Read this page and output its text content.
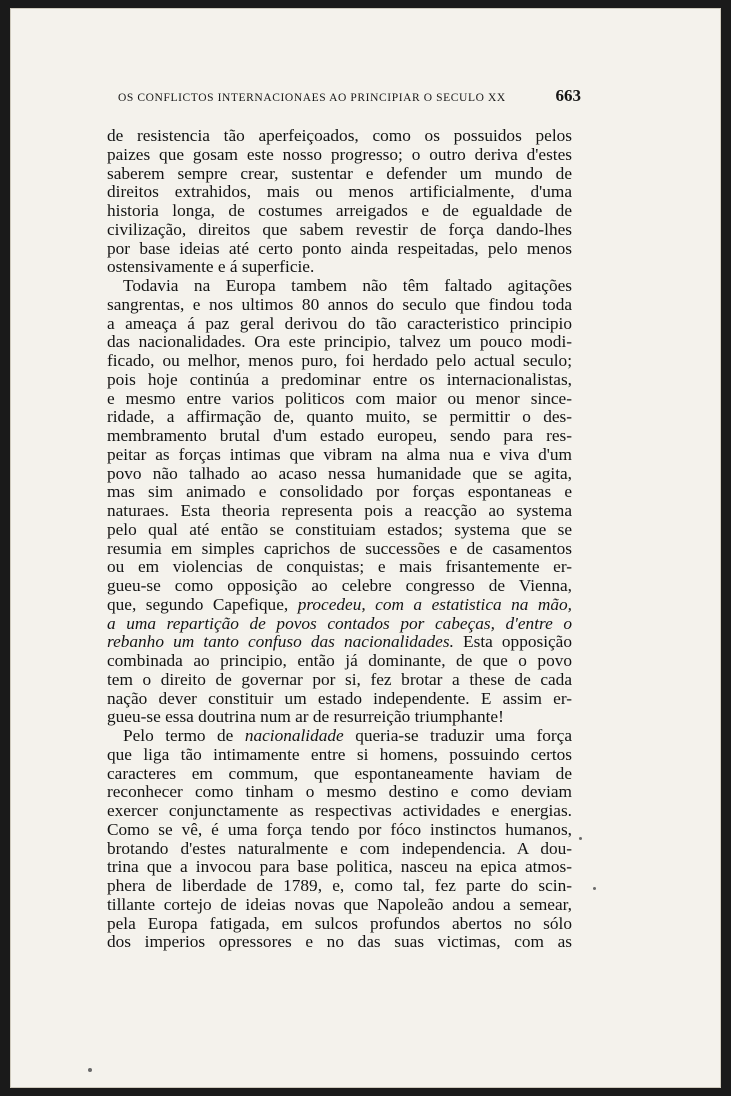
OS CONFLICTOS INTERNACIONAES AO PRINCIPIAR O SECULO XX	663
de resistencia tão aperfeiçoados, como os possuidos pelos
paizes que gosam este nosso progresso; o outro deriva d'estes
saberem sempre crear, sustentar e defender um mundo de
direitos extrahidos, mais ou menos artificialmente, d'uma
historia longa, de costumes arreigados e de egualdade de
civilização, direitos que sabem revestir de força dando-lhes
por base ideias até certo ponto ainda respeitadas, pelo menos
ostensivamente e á superficie.
Todavia na Europa tambem não têm faltado agitações
sangrentas, e nos ultimos 80 annos do seculo que findou toda
a ameaça á paz geral derivou do tão caracteristico principio
das nacionalidades. Ora este principio, talvez um pouco modi-
ficado, ou melhor, menos puro, foi herdado pelo actual seculo;
pois hoje continúa a predominar entre os internacionalistas,
e mesmo entre varios politicos com maior ou menor since-
ridade, a affirmação de, quanto muito, se permittir o des-
membramento brutal d'um estado europeu, sendo para res-
peitar as forças intimas que vibram na alma nua e viva d'um
povo não talhado ao acaso nessa humanidade que se agita,
mas sim animado e consolidado por forças espontaneas e
naturaes. Esta theoria representa pois a reacção ao systema
pelo qual até então se constituiam estados; systema que se
resumia em simples caprichos de successões e de casamentos
ou em violencias de conquistas; e mais frisantemente er-
gueu-se como opposição ao celebre congresso de Vienna,
que, segundo Capefique, procedeu, com a estatistica na mão,
a uma repartição de povos contados por cabeças, d'entre o
rebanho um tanto confuso das nacionalidades. Esta opposição
combinada ao principio, então já dominante, de que o povo
tem o direito de governar por si, fez brotar a these de cada
nação dever constituir um estado independente. E assim er-
gueu-se essa doutrina num ar de resurreição triumphante!
Pelo termo de nacionalidade queria-se traduzir uma força
que liga tão intimamente entre si homens, possuindo certos
caracteres em commum, que espontaneamente haviam de
reconhecer como tinham o mesmo destino e como deviam
exercer conjunctamente as respectivas actividades e energias.
Como se vê, é uma força tendo por fóco instinctos humanos,
brotando d'estes naturalmente e com independencia. A dou-
trina que a invocou para base politica, nasceu na epica atmos-
phera de liberdade de 1789, e, como tal, fez parte do scin-
tillante cortejo de ideias novas que Napoleão andou a semear,
pela Europa fatigada, em sulcos profundos abertos no sólo
dos imperios opressores e no das suas victimas, com as
